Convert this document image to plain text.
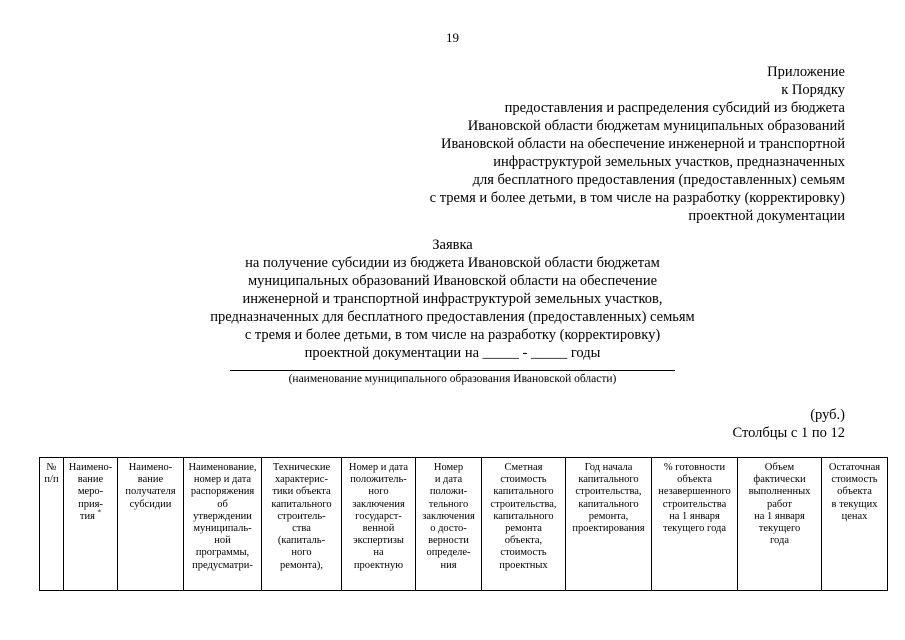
19
Приложение
к Порядку
предоставления и распределения субсидий из бюджета
Ивановской области бюджетам муниципальных образований
Ивановской области на обеспечение инженерной и транспортной
инфраструктурой земельных участков, предназначенных
для бесплатного предоставления (предоставленных) семьям
с тремя и более детьми, в том числе на разработку (корректировку)
проектной документации
Заявка
на получение субсидии из бюджета Ивановской области бюджетам
муниципальных образований Ивановской области на обеспечение
инженерной и транспортной инфраструктурой земельных участков,
предназначенных для бесплатного предоставления (предоставленных) семьям
с тремя и более детьми, в том числе на разработку (корректировку)
проектной документации на _____ - _____ годы
(наименование муниципального образования Ивановской области)
(руб.)
Столбцы с 1 по 12
№
п/п

Наимено-
вание
меро-
прия-
тия *

Наимено-
вание
получателя
субсидии

Наименование,
номер и дата
распоряжения
об
утверждении
муниципаль-
ной
программы,
предусматри-

Технические
характерис-
тики объекта
капитального
строитель-
ства
(капиталь-
ного
ремонта),

Номер и дата
положитель-
ного
заключения
государст-
венной
экспертизы
на
проектную

Номер
и дата
положи-
тельного
заключения
о досто-
верности
определе-
ния

Сметная
стоимость
капитального
строительства,
капитального
ремонта
объекта,
стоимость
проектных

Год начала
капитального
строительства,
капитального
ремонта,
проектирования

% готовности
объекта
незавершенного
строительства
на 1 января
текущего года

Объем
фактически
выполненных
работ
на 1 января
текущего
года

Остаточная
стоимость
объекта
в текущих
ценах
